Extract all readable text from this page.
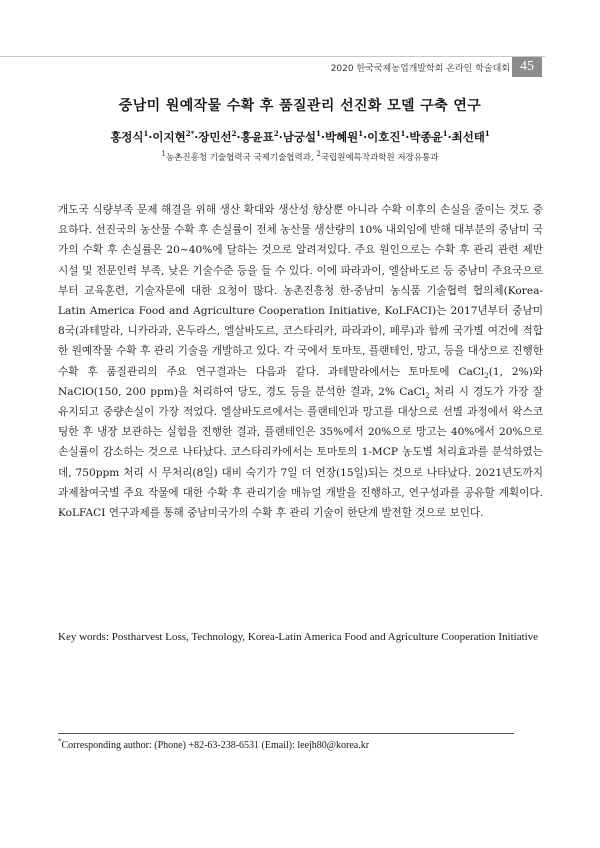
2020 한국국제농업개발학회 온라인 학술대회 45
중남미 원예작물 수확 후 품질관리 선진화 모델 구축 연구
홍정식$^1$·이지현$^{2*}$·장민선$^2$·홍윤표$^2$·남궁설$^1$·박혜원$^1$·이호진$^1$·박종윤$^1$·최선태$^1$
$^1$농촌진흥청 기술협력국 국제기술협력과, $^2$국립원예특작과학원 저장유통과

개도국 식량부족 문제 해결을 위해 생산 확대와 생산성 향상뿐 아니라 수확 이후의 손실을 줄이는 것도 중요하다. 선진국의 농산물 수확 후 손실률이 전체 농산물 생산량의 10% 내외임에 반해 대부분의 중남미 국가의 수확 후 손실률은 20~40%에 달하는 것으로 알려져있다. 주요 원인으로는 수확 후 관리 관련 제반 시설 및 전문인력 부족, 낮은 기술수준 등을 들 수 있다. 이에 파라과이, 엘살바도르 등 중남미 주요국으로부터 교육훈련, 기술자문에 대한 요청이 많다. 농촌진흥청 한-중남미 농식품 기술협력 협의체(Korea-Latin America Food and Agriculture Cooperation Initiative, KoLFACI)는 2017년부터 중남미 8국(과테말라, 니카라과, 온두라스, 엘살바도르, 코스타리카, 파라과이, 페루)과 함께 국가별 여건에 적합한 원예작물 수확 후 관리 기술을 개발하고 있다. 각 국에서 토마토, 플랜테인, 망고, 등을 대상으로 진행한 수확 후 품질관리의 주요 연구결과는 다음과 같다. 과테말라에서는 토마토에 CaCl$_2$(1, 2%)와 NaClO(150, 200 ppm)을 처리하여 당도, 경도 등을 분석한 결과, 2% CaCl$_2$ 처리 시 경도가 가장 잘 유지되고 중량손실이 가장 적었다. 엘살바도르에서는 플랜테인과 망고를 대상으로 선별 과정에서 왁스코팅한 후 냉장 보관하는 실험을 진행한 결과, 플랜테인은 35%에서 20%으로 망고는 40%에서 20%으로 손실률이 감소하는 것으로 나타났다. 코스타리카에서는 토마토의 1-MCP 농도별 처리효과를 분석하였는데, 750ppm 처리 시 무처리(8일) 대비 숙기가 7일 더 연장(15일)되는 것으로 나타났다. 2021년도까지 과제참여국별 주요 작물에 대한 수확 후 관리기술 매뉴얼 개발을 진행하고, 연구성과를 공유할 계획이다. KoLFACI 연구과제를 통해 중남미국가의 수확 후 관리 기술이 한단계 발전할 것으로 보인다.

Key words: Postharvest Loss, Technology, Korea-Latin America Food and Agriculture Cooperation Initiative
*Corresponding author: (Phone) +82-63-238-6531 (Email): leejh80@korea.kr
